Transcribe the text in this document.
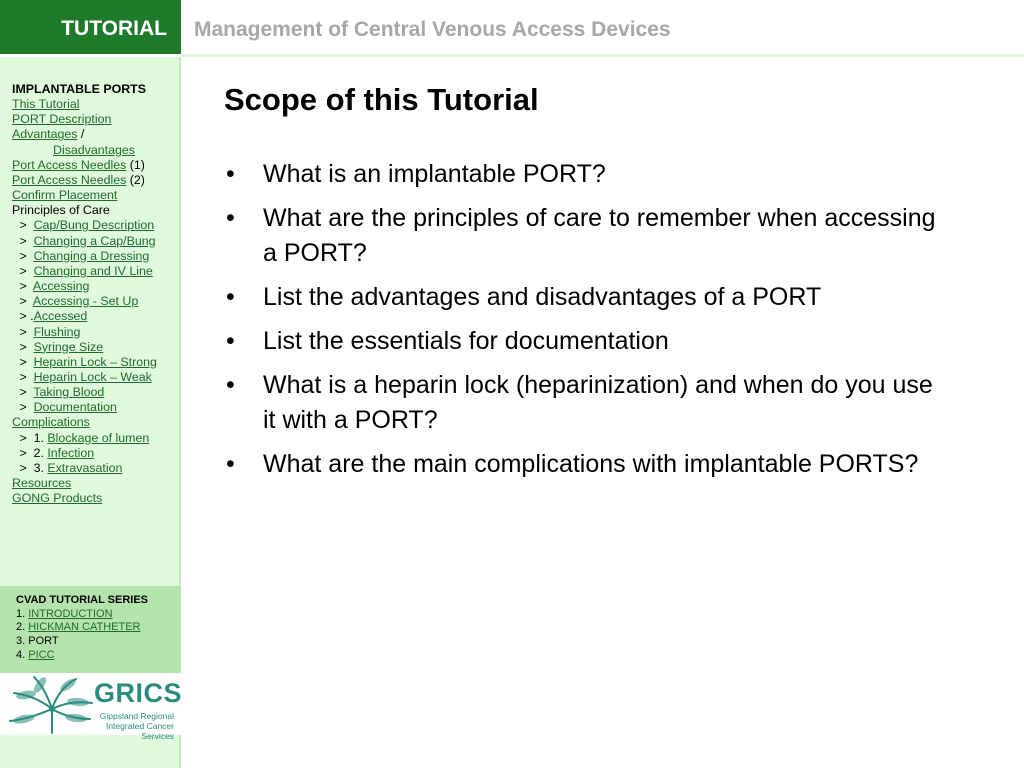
TUTORIAL	Management of Central Venous Access Devices
IMPLANTABLE PORTS
This Tutorial
PORT Description
Advantages /
Disadvantages
Port Access Needles (1)
Port Access Needles (2)
Confirm Placement
Principles of Care
>  Cap/Bung Description
>  Changing a Cap/Bung
>  Changing a Dressing
>  Changing and IV Line
>  Accessing
>  Accessing - Set Up
> .Accessed
>  Flushing
>  Syringe Size
>  Heparin Lock – Strong
>  Heparin Lock – Weak
>  Taking Blood
>  Documentation
Complications
>  1. Blockage of lumen
>  2. Infection
>  3. Extravasation
Resources
GONG Products
CVAD TUTORIAL SERIES
1. INTRODUCTION
2. HICKMAN CATHETER
3. PORT
4. PICC
GRICS
Gippsland Regional
Integrated Cancer Services
Scope of this Tutorial
• What is an implantable PORT?
• What are the principles of care to remember when accessing a PORT?
• List the advantages and disadvantages of a PORT
• List the essentials for documentation
• What is a heparin lock (heparinization) and when do you use it with a PORT?
• What are the main complications with implantable PORTS?
